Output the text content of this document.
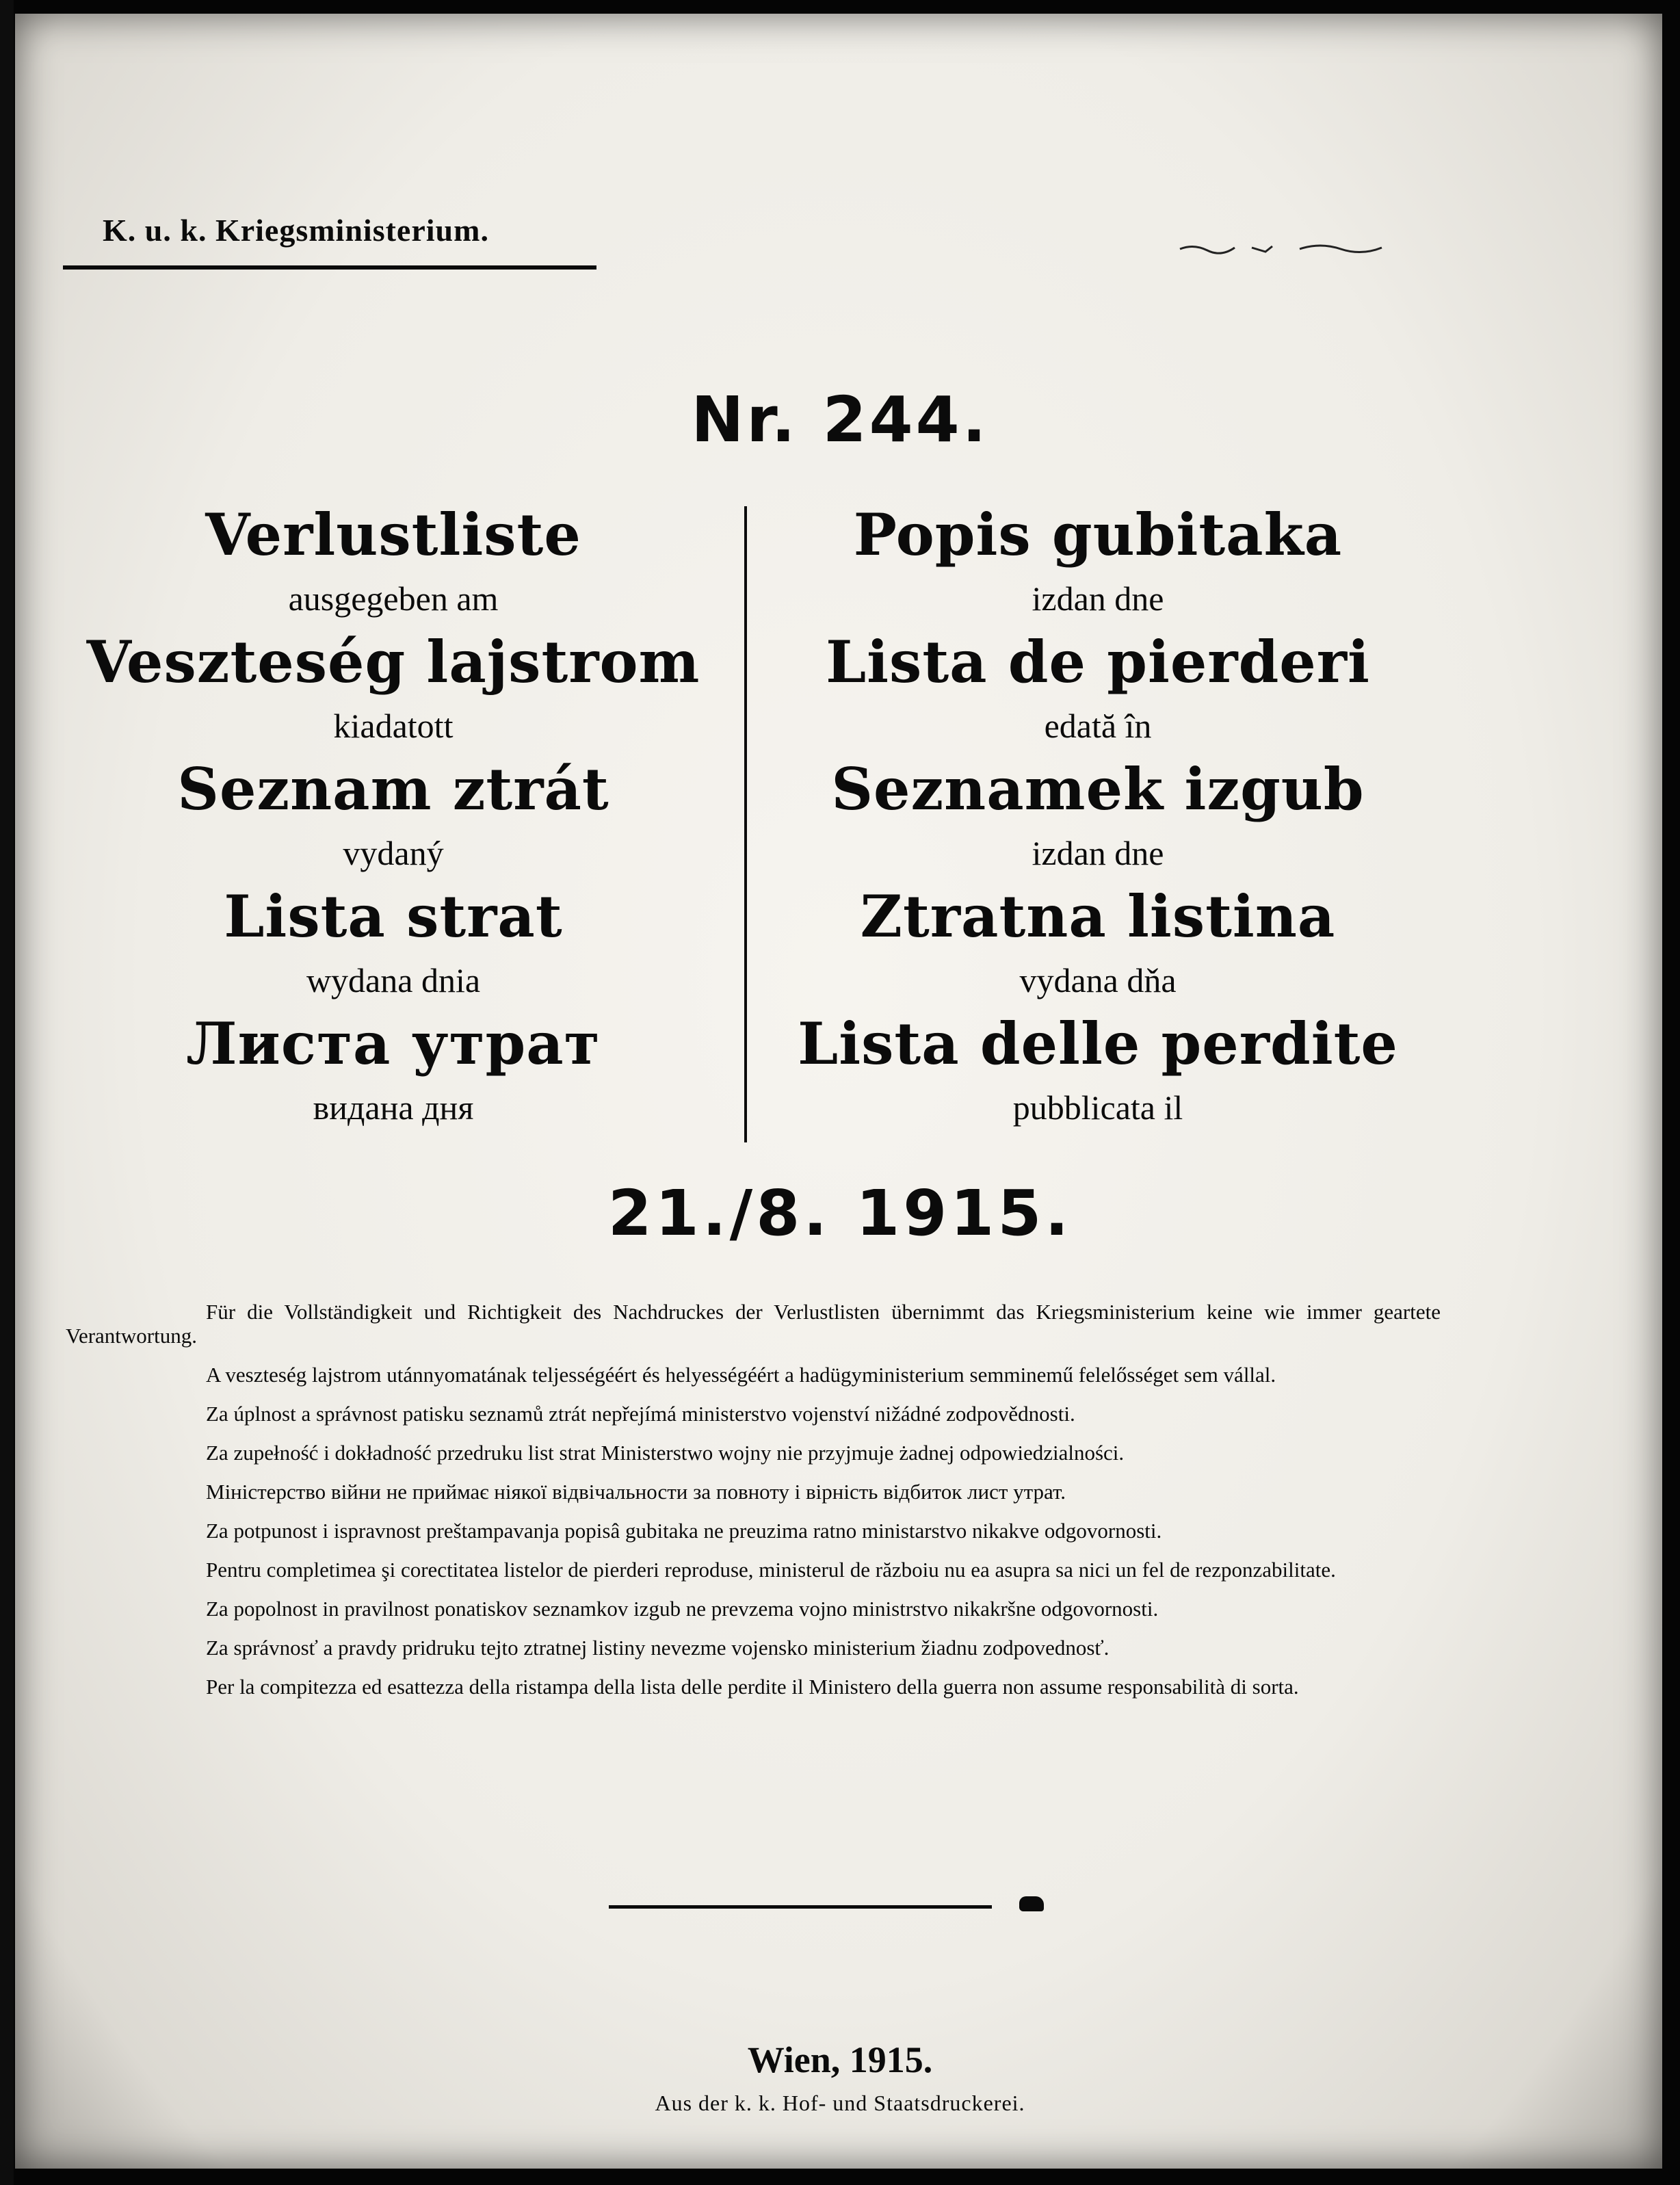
K. u. k. Kriegsministerium.
Nr. 244.
Verlustliste
ausgegeben am
Veszteség lajstrom
kiadatott
Seznam ztrát
vydaný
Lista strat
wydana dnia
Листа утрат
видана дня
Popis gubitaka
izdan dne
Lista de pierderi
edată în
Seznamek izgub
izdan dne
Ztratna listina
vydana dňa
Lista delle perdite
pubblicata il
21./8. 1915.

Für die Vollständigkeit und Richtigkeit des Nachdruckes der Verlustlisten übernimmt das Kriegsministerium keine wie immer geartete Verantwortung.

A veszteség lajstrom utánnyomatának teljességéért és helyességéért a hadügyministerium semminemű felelősséget sem vállal.

Za úplnost a správnost patisku seznamů ztrát nepřejímá ministerstvo vojenství nižádné zodpovědnosti.

Za zupełność i dokładność przedruku list strat Ministerstwo wojny nie przyjmuje żadnej odpowiedzialności.

Міністерство війни не приймає ніякої відвічальности за повноту і вірність відбиток лист утрат.

Za potpunost i ispravnost preštampavanja popisâ gubitaka ne preuzima ratno ministarstvo nikakve odgovornosti.

Pentru completimea şi corectitatea listelor de pierderi reproduse, ministerul de războiu nu ea asupra sa nici un fel de rezponzabilitate.

Za popolnost in pravilnost ponatiskov seznamkov izgub ne prevzema vojno ministrstvo nikakršne odgovornosti.

Za správnosť a pravdy pridruku tejto ztratnej listiny nevezme vojensko ministerium žiadnu zodpovednosť.

Per la compitezza ed esattezza della ristampa della lista delle perdite il Ministero della guerra non assume responsabilità di sorta.

Wien, 1915.
Aus der k. k. Hof- und Staatsdruckerei.
